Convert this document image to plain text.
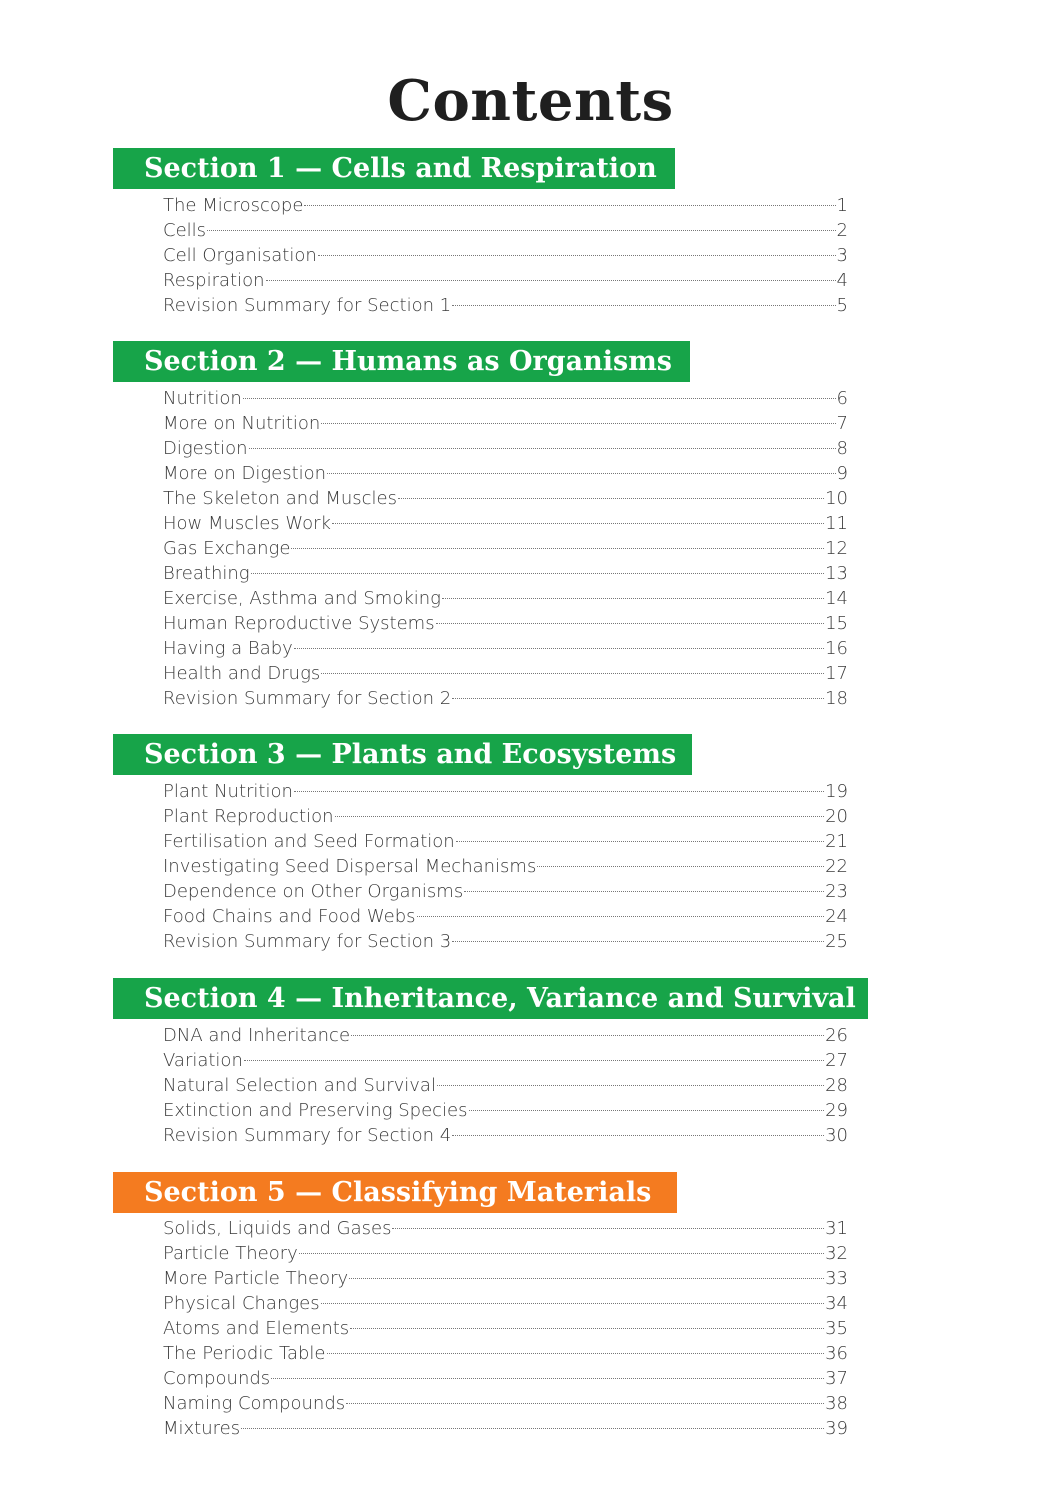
Contents
Section 1 — Cells and Respiration
The Microscope	1
Cells	2
Cell Organisation	3
Respiration	4
Revision Summary for Section 1	5
Section 2 — Humans as Organisms
Nutrition	6
More on Nutrition	7
Digestion	8
More on Digestion	9
The Skeleton and Muscles	10
How Muscles Work	11
Gas Exchange	12
Breathing	13
Exercise, Asthma and Smoking	14
Human Reproductive Systems	15
Having a Baby	16
Health and Drugs	17
Revision Summary for Section 2	18
Section 3 — Plants and Ecosystems
Plant Nutrition	19
Plant Reproduction	20
Fertilisation and Seed Formation	21
Investigating Seed Dispersal Mechanisms	22
Dependence on Other Organisms	23
Food Chains and Food Webs	24
Revision Summary for Section 3	25
Section 4 — Inheritance, Variance and Survival
DNA and Inheritance	26
Variation	27
Natural Selection and Survival	28
Extinction and Preserving Species	29
Revision Summary for Section 4	30
Section 5 — Classifying Materials
Solids, Liquids and Gases	31
Particle Theory	32
More Particle Theory	33
Physical Changes	34
Atoms and Elements	35
The Periodic Table	36
Compounds	37
Naming Compounds	38
Mixtures	39
